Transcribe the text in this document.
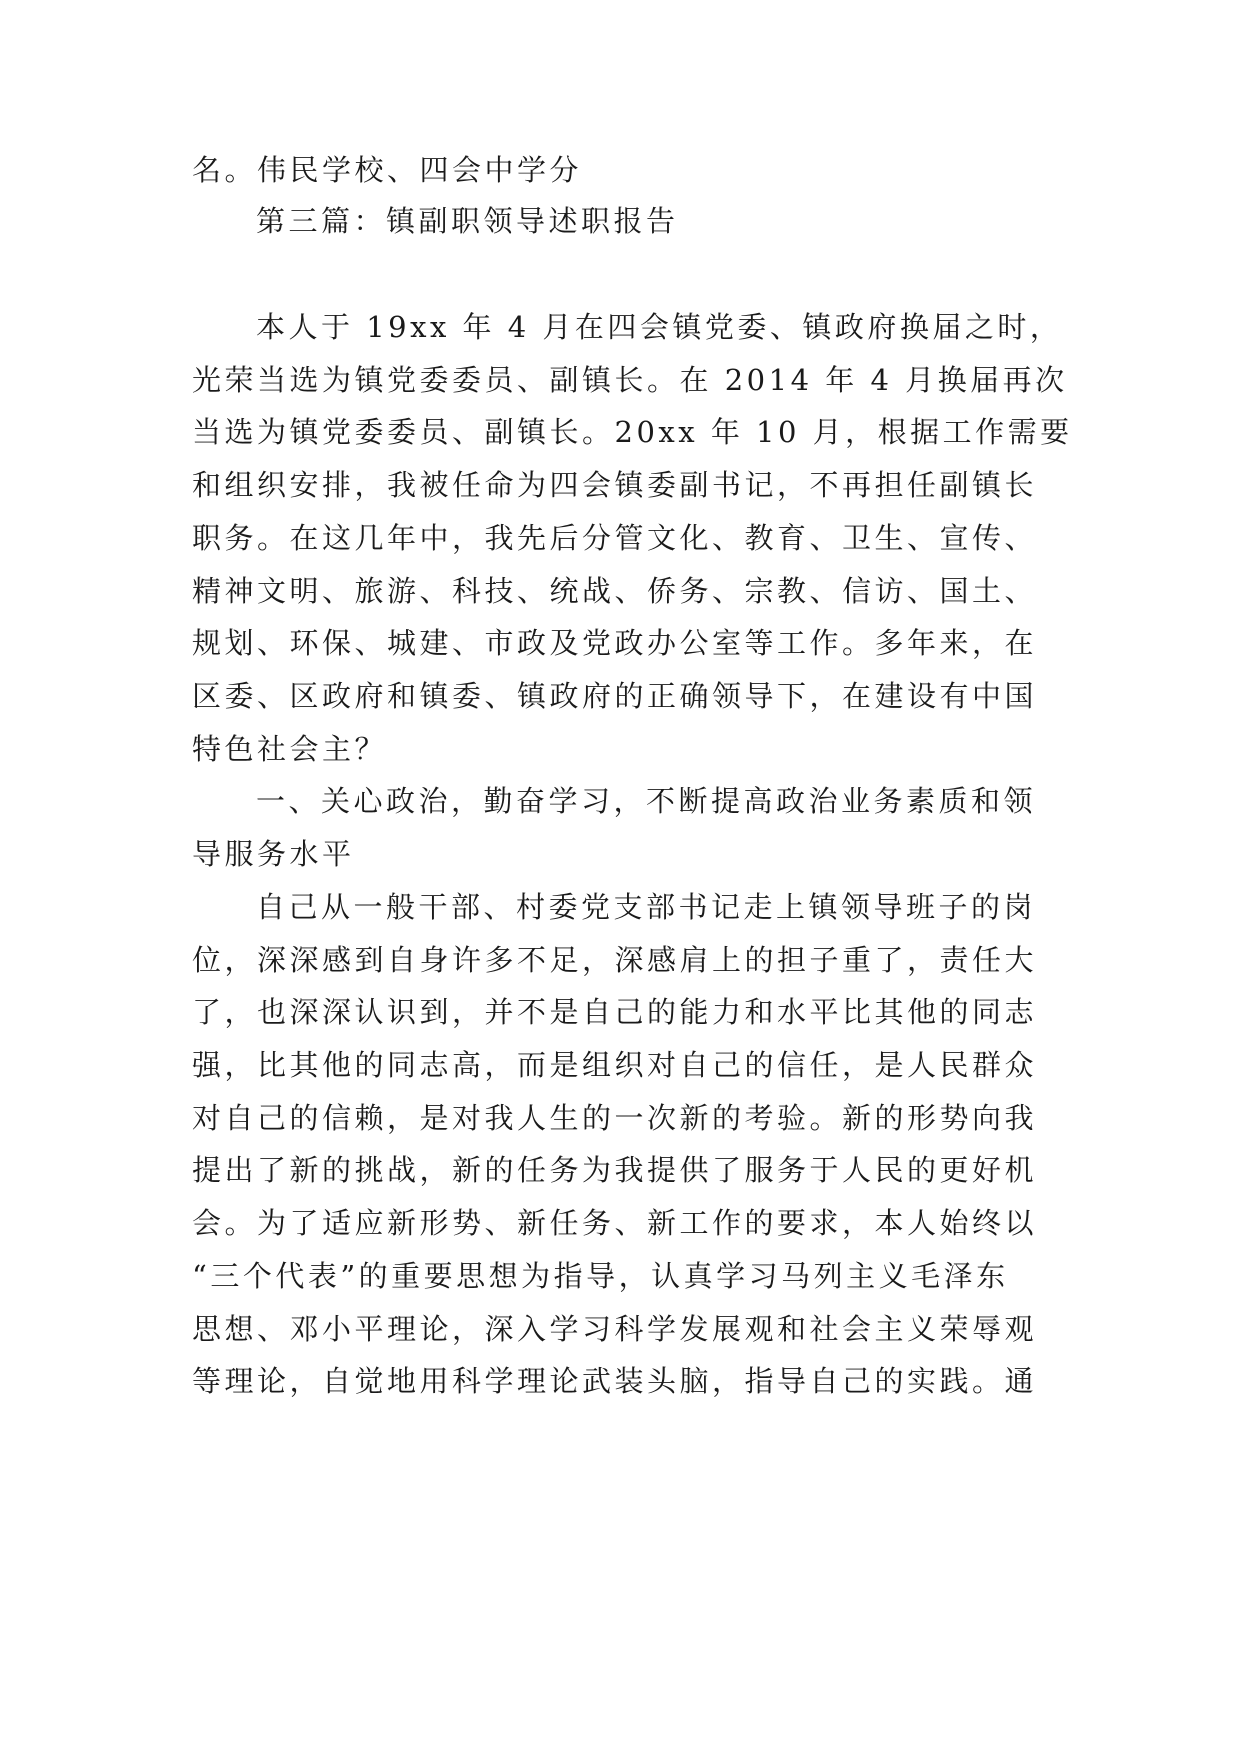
名。伟民学校、四会中学分
第三篇：镇副职领导述职报告
本人于 19xx 年 4 月在四会镇党委、镇政府换届之时，
光荣当选为镇党委委员、副镇长。在 2014 年 4 月换届再次
当选为镇党委委员、副镇长。20xx 年 10 月，根据工作需要
和组织安排，我被任命为四会镇委副书记，不再担任副镇长
职务。在这几年中，我先后分管文化、教育、卫生、宣传、
精神文明、旅游、科技、统战、侨务、宗教、信访、国土、
规划、环保、城建、市政及党政办公室等工作。多年来，在
区委、区政府和镇委、镇政府的正确领导下，在建设有中国
特色社会主？
一、关心政治，勤奋学习，不断提高政治业务素质和领
导服务水平
自己从一般干部、村委党支部书记走上镇领导班子的岗
位，深深感到自身许多不足，深感肩上的担子重了，责任大
了，也深深认识到，并不是自己的能力和水平比其他的同志
强，比其他的同志高，而是组织对自己的信任，是人民群众
对自己的信赖，是对我人生的一次新的考验。新的形势向我
提出了新的挑战，新的任务为我提供了服务于人民的更好机
会。为了适应新形势、新任务、新工作的要求，本人始终以
“三个代表”的重要思想为指导，认真学习马列主义毛泽东
思想、邓小平理论，深入学习科学发展观和社会主义荣辱观
等理论，自觉地用科学理论武装头脑，指导自己的实践。通
